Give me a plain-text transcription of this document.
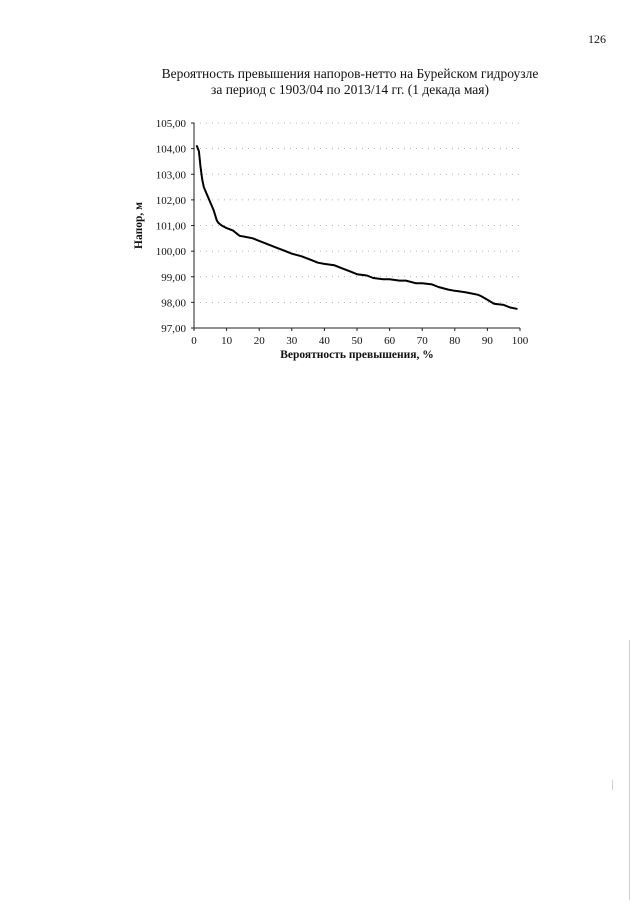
126
Вероятность превышения напоров-нетто на Бурейском гидроузле
за период с 1903/04 по 2013/14 гг. (1 декада мая)
97,00
98,00
99,00
100,00
101,00
102,00
103,00
104,00
105,00
0 10 20 30 40 50 60 70 80 90 100
Вероятность превышения, %
Напор, м
